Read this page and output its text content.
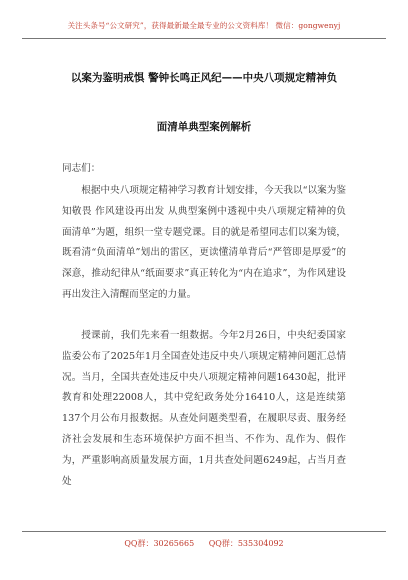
关注头条号“公文研究”，获得最新最全最专业的公文资料库！ 微信：gongwenyj
以案为鉴明戒惧 警钟长鸣正风纪——中央八项规定精神负
面清单典型案例解析
同志们：
根据中央八项规定精神学习教育计划安排，今天我以“以案为鉴知敬畏 作风建设再出发 从典型案例中透视中央八项规定精神的负面清单”为题，组织一堂专题党课。目的就是希望同志们以案为镜，既看清“负面清单”划出的雷区，更读懂清单背后“严管即是厚爱”的深意，推动纪律从“纸面要求”真正转化为“内在追求”，为作风建设再出发注入清醒而坚定的力量。
授课前，我们先来看一组数据。今年2月26日，中央纪委国家监委公布了2025年1月全国查处违反中央八项规定精神问题汇总情况。当月，全国共查处违反中央八项规定精神问题16430起，批评教育和处理22008人，其中党纪政务处分16410人，这是连续第137个月公布月报数据。从查处问题类型看，在履职尽责、服务经济社会发展和生态环境保护方面不担当、不作为、乱作为、假作为，严重影响高质量发展方面，1月共查处问题6249起，占当月查处
QQ群：30265665 QQ群：535304092
